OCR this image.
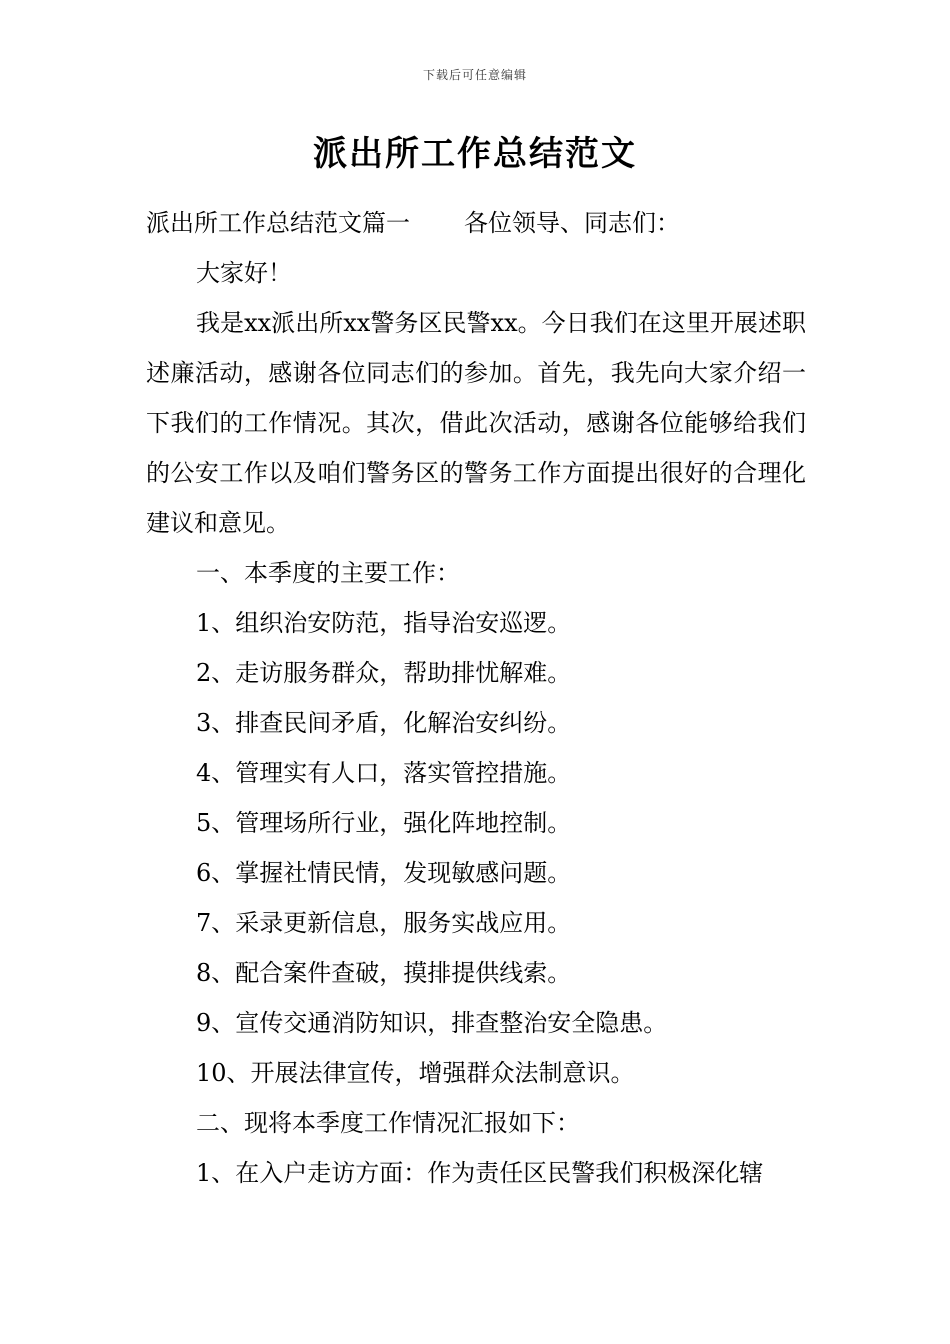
下载后可任意编辑
派出所工作总结范文

派出所工作总结范文篇一 各位领导、同志们：

大家好！

我是xx派出所xx警务区民警xx。今日我们在这里开展述职述廉活动，感谢各位同志们的参加。首先，我先向大家介绍一下我们的工作情况。其次，借此次活动，感谢各位能够给我们的公安工作以及咱们警务区的警务工作方面提出很好的合理化建议和意见。

一、本季度的主要工作：

1、组织治安防范，指导治安巡逻。

2、走访服务群众，帮助排忧解难。

3、排查民间矛盾，化解治安纠纷。

4、管理实有人口，落实管控措施。

5、管理场所行业，强化阵地控制。

6、掌握社情民情，发现敏感问题。

7、采录更新信息，服务实战应用。

8、配合案件查破，摸排提供线索。

9、宣传交通消防知识，排查整治安全隐患。

10、开展法律宣传，增强群众法制意识。

二、现将本季度工作情况汇报如下：

1、在入户走访方面：作为责任区民警我们积极深化辖
